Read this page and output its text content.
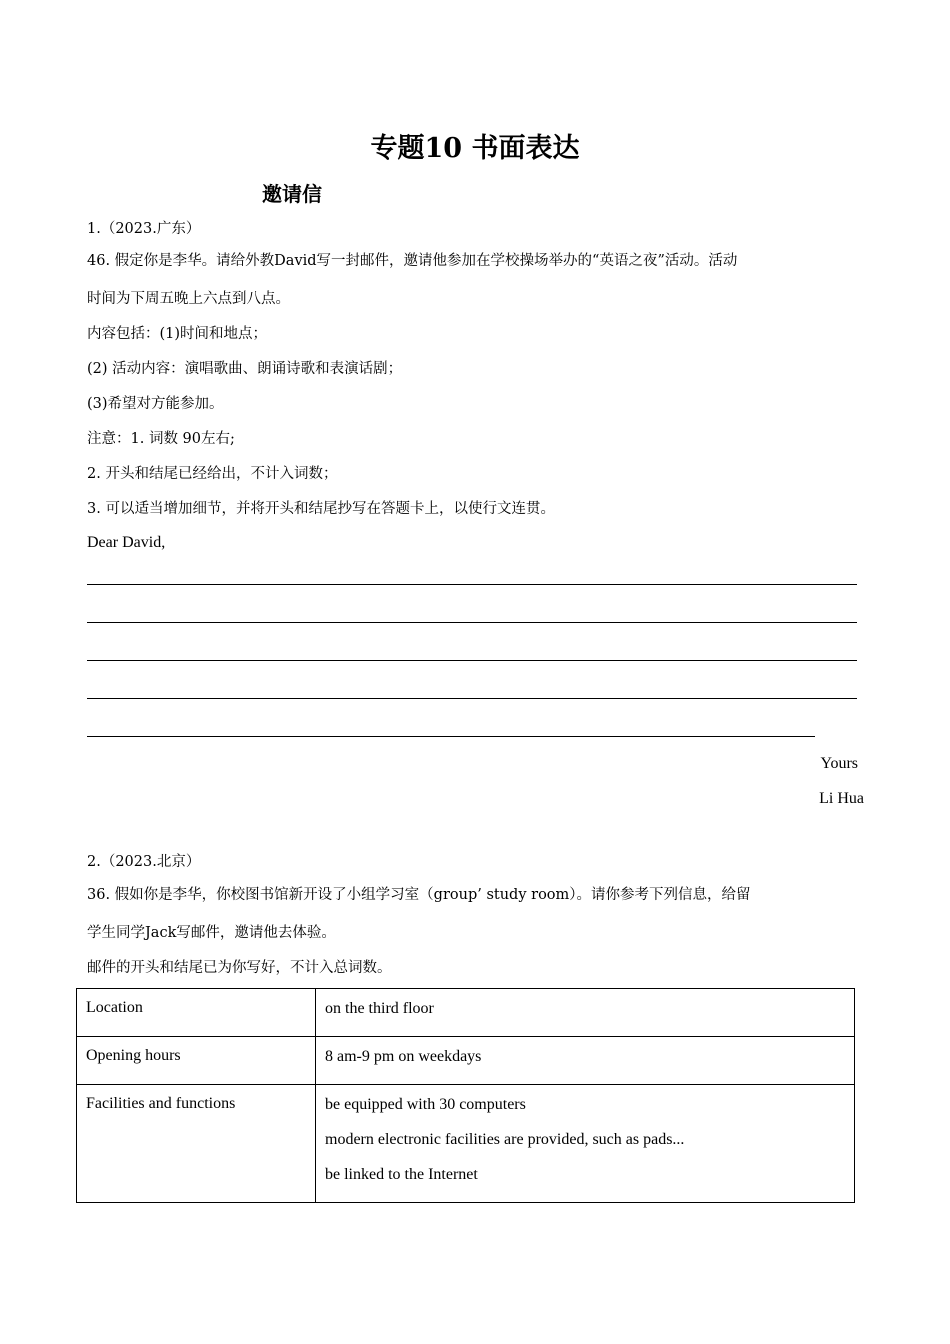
专题10 书面表达
邀请信
1.（2023.广东）
46. 假定你是李华。请给外教David写一封邮件，邀请他参加在学校操场举办的“英语之夜”活动。活动
时间为下周五晚上六点到八点。
内容包括：(1)时间和地点；
(2) 活动内容：演唱歌曲、朗诵诗歌和表演话剧；
(3)希望对方能参加。
注意：1. 词数 90左右;
2. 开头和结尾已经给出，不计入词数；
3. 可以适当增加细节，并将开头和结尾抄写在答题卡上，以使行文连贯。
Dear David,
Yours
Li Hua
2.（2023.北京）
36. 假如你是李华，你校图书馆新开设了小组学习室（group’ study room）。请你参考下列信息，给留
学生同学Jack写邮件，邀请他去体验。
邮件的开头和结尾已为你写好，不计入总词数。
Location	on the third floor

Opening hours	8 am-9 pm on weekdays

Facilities and functions	be equipped with 30 computers
modern electronic facilities are provided, such as pads...
be linked to the Internet
